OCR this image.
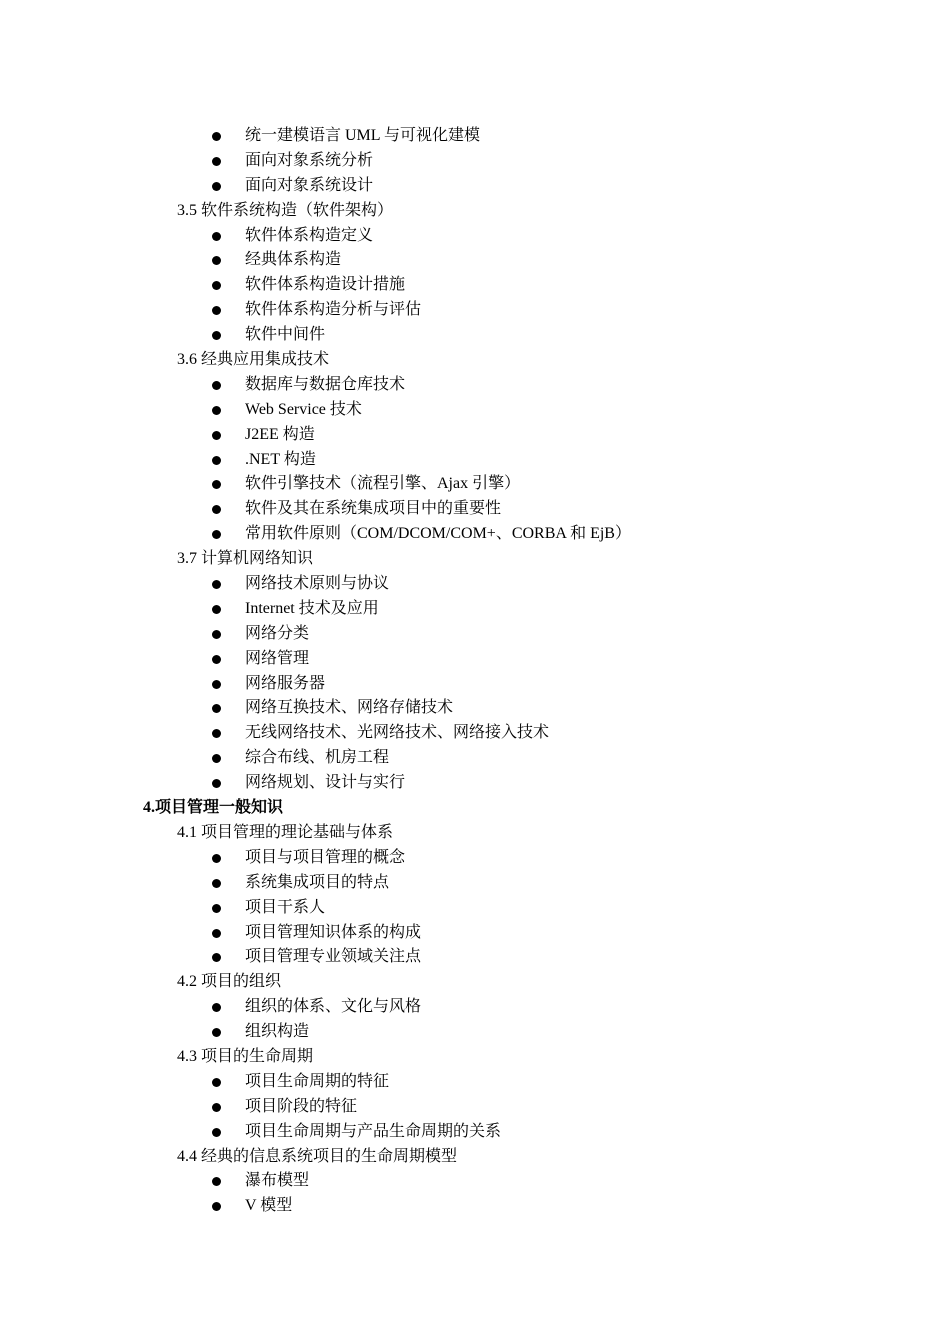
统一建模语言 UML 与可视化建模
面向对象系统分析
面向对象系统设计
3.5 软件系统构造（软件架构）
软件体系构造定义
经典体系构造
软件体系构造设计措施
软件体系构造分析与评估
软件中间件
3.6 经典应用集成技术
数据库与数据仓库技术
Web Service 技术
J2EE 构造
.NET 构造
软件引擎技术（流程引擎、Ajax 引擎）
软件及其在系统集成项目中的重要性
常用软件原则（COM/DCOM/COM+、CORBA 和 EjB）
3.7 计算机网络知识
网络技术原则与协议
Internet 技术及应用
网络分类
网络管理
网络服务器
网络互换技术、网络存储技术
无线网络技术、光网络技术、网络接入技术
综合布线、机房工程
网络规划、设计与实行
4.项目管理一般知识
4.1 项目管理的理论基础与体系
项目与项目管理的概念
系统集成项目的特点
项目干系人
项目管理知识体系的构成
项目管理专业领域关注点
4.2 项目的组织
组织的体系、文化与风格
组织构造
4.3 项目的生命周期
项目生命周期的特征
项目阶段的特征
项目生命周期与产品生命周期的关系
4.4 经典的信息系统项目的生命周期模型
瀑布模型
V 模型
